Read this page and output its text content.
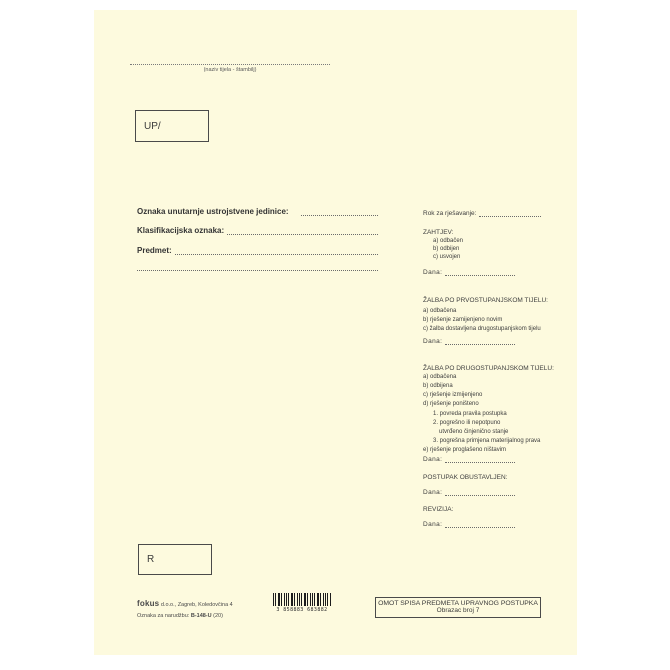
(naziv tijela - štambilj)
UP/
Oznaka unutarnje ustrojstvene jedinice:
Klasifikacijska oznaka:
Predmet:
Rok za rješavanje:
ZAHTJEV:
a) odbačen
b) odbijen
c) usvojen
Dana:
ŽALBA PO PRVOSTUPANJSKOM TIJELU:
a) odbačena
b) rješenje zamijenjeno novim
c) žalba dostavljena drugostupanjskom tijelu
Dana:
ŽALBA PO DRUGOSTUPANJSKOM TIJELU:
a) odbačena
b) odbijena
c) rješenje izmijenjeno
d) rješenje poništeno
1. povreda pravila postupka
2. pogrešno ili nepotpuno
utvrđeno činjenično stanje
3. pogrešna primjena materijalnog prava
e) rješenje proglašeno ništavim
Dana:
POSTUPAK OBUSTAVLJEN:
Dana:
REVIZIJA:
Dana:
R
fokus d.o.o., Zagreb, Koledovčina 4
Oznaka za narudžbu: B-148-U (20)
3 858883 683882
OMOT SPISA PREDMETA UPRAVNOG POSTUPKA
Obrazac broj 7
